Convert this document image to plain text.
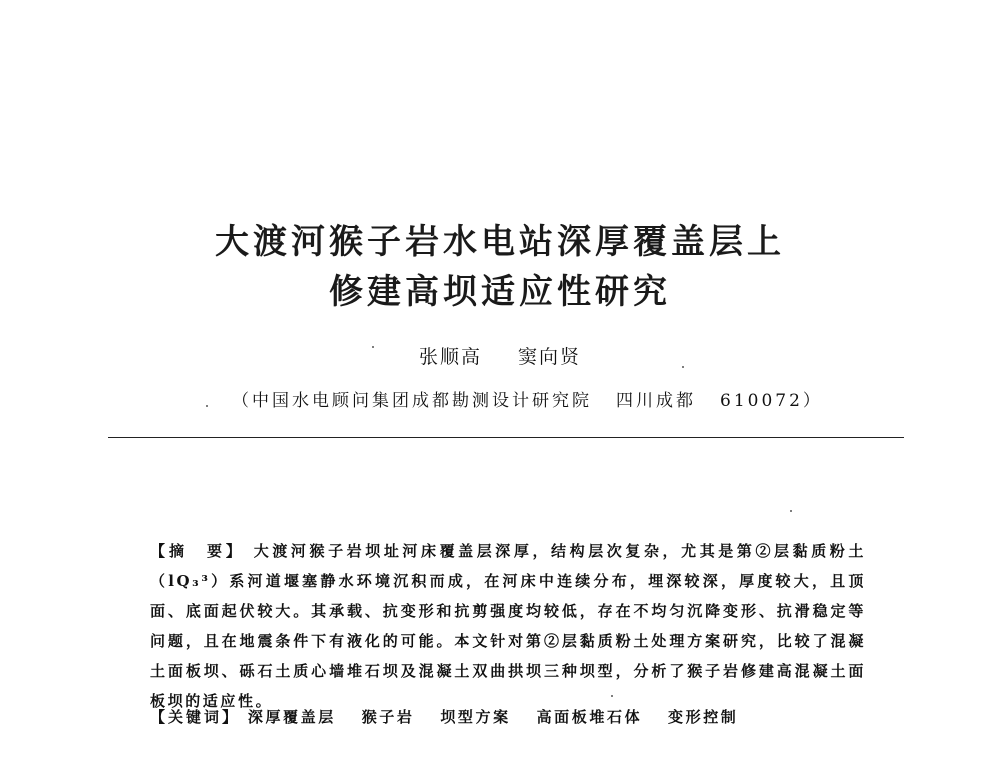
大渡河猴子岩水电站深厚覆盖层上
修建高坝适应性研究
张顺高 窦向贤
（中国水电顾问集团成都勘测设计研究院 四川成都 610072）
【摘　要】 大渡河猴子岩坝址河床覆盖层深厚，结构层次复杂，尤其是第②层黏质粉土（lQ₃³）系河道堰塞静水环境沉积而成，在河床中连续分布，埋深较深，厚度较大，且顶面、底面起伏较大。其承载、抗变形和抗剪强度均较低，存在不均匀沉降变形、抗滑稳定等问题，且在地震条件下有液化的可能。本文针对第②层黏质粉土处理方案研究，比较了混凝土面板坝、砾石土质心墙堆石坝及混凝土双曲拱坝三种坝型，分析了猴子岩修建高混凝土面板坝的适应性。
【关键词】 深厚覆盖层 猴子岩 坝型方案 高面板堆石体 变形控制
